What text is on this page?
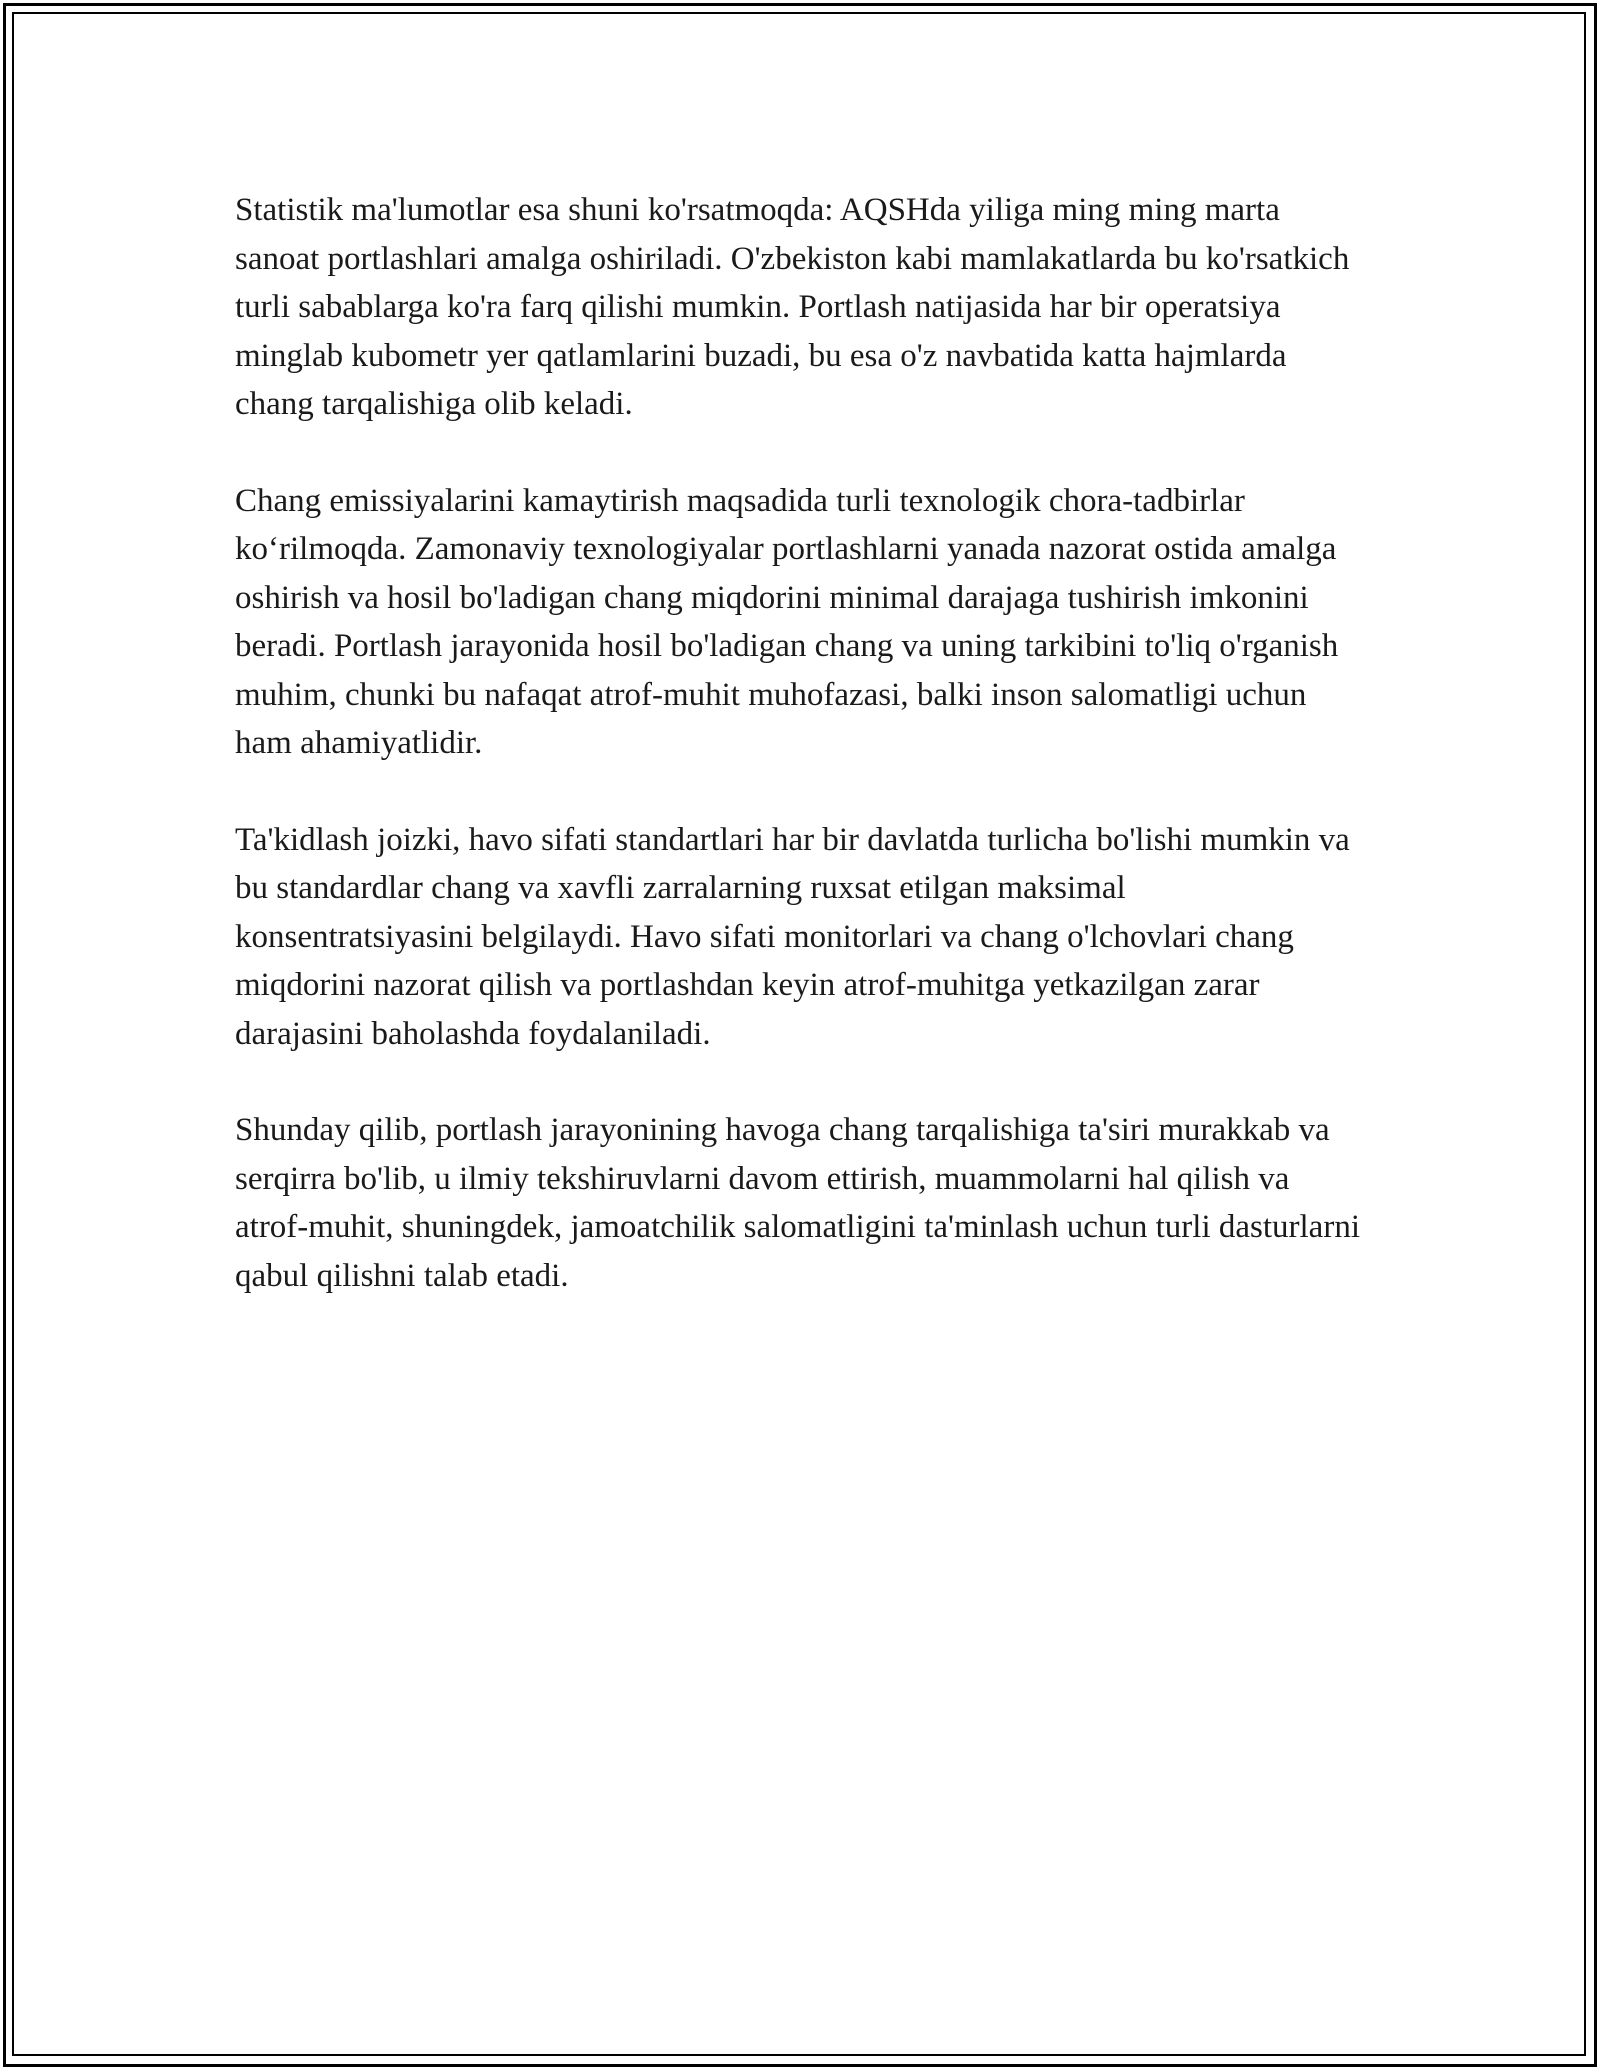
Statistik ma'lumotlar esa shuni ko'rsatmoqda: AQSHda yiliga ming ming marta sanoat portlashlari amalga oshiriladi. O'zbekiston kabi mamlakatlarda bu ko'rsatkich turli sabablarga ko'ra farq qilishi mumkin. Portlash natijasida har bir operatsiya minglab kubometr yer qatlamlarini buzadi, bu esa o'z navbatida katta hajmlarda chang tarqalishiga olib keladi.

Chang emissiyalarini kamaytirish maqsadida turli texnologik chora-tadbirlar ko‘rilmoqda. Zamonaviy texnologiyalar portlashlarni yanada nazorat ostida amalga oshirish va hosil bo'ladigan chang miqdorini minimal darajaga tushirish imkonini beradi. Portlash jarayonida hosil bo'ladigan chang va uning tarkibini to'liq o'rganish muhim, chunki bu nafaqat atrof-muhit muhofazasi, balki inson salomatligi uchun ham ahamiyatlidir.

Ta'kidlash joizki, havo sifati standartlari har bir davlatda turlicha bo'lishi mumkin va bu standardlar chang va xavfli zarralarning ruxsat etilgan maksimal konsentratsiyasini belgilaydi. Havo sifati monitorlari va chang o'lchovlari chang miqdorini nazorat qilish va portlashdan keyin atrof-muhitga yetkazilgan zarar darajasini baholashda foydalaniladi.

Shunday qilib, portlash jarayonining havoga chang tarqalishiga ta'siri murakkab va serqirra bo'lib, u ilmiy tekshiruvlarni davom ettirish, muammolarni hal qilish va atrof-muhit, shuningdek, jamoatchilik salomatligini ta'minlash uchun turli dasturlarni qabul qilishni talab etadi.
